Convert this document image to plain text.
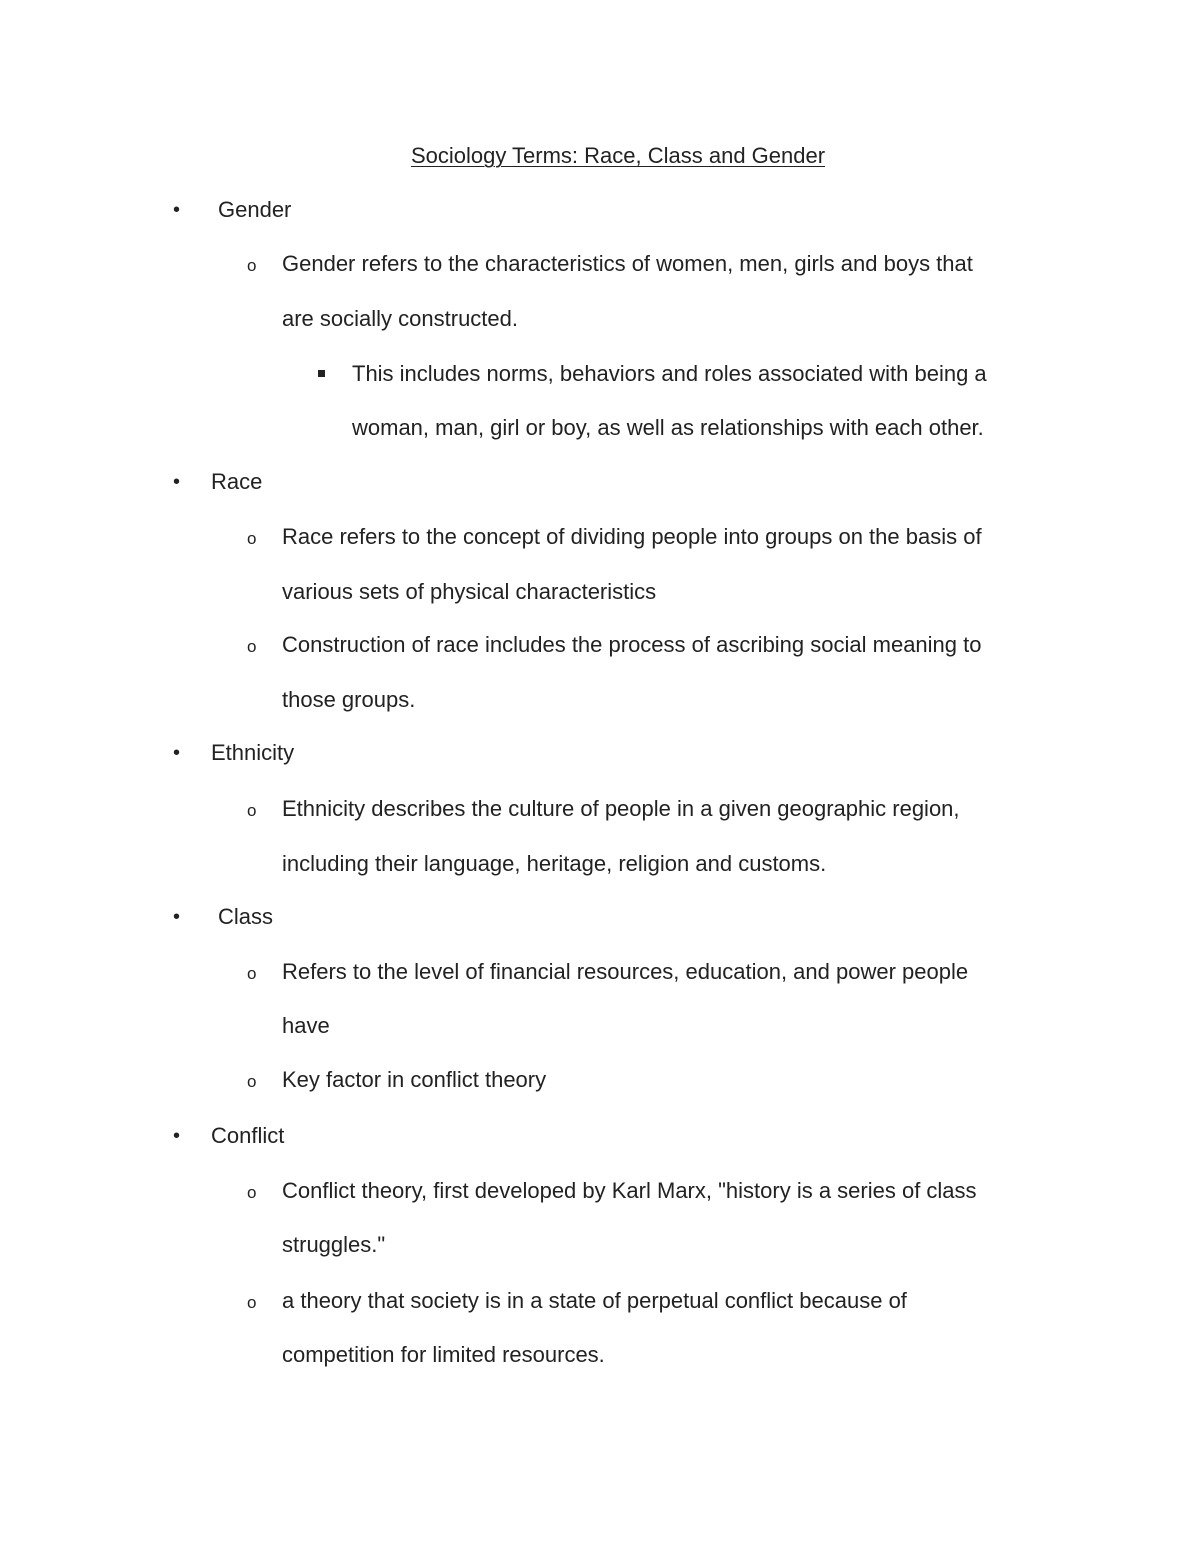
Sociology Terms: Race, Class and Gender
• Gender
o Gender refers to the characteristics of women, men, girls and boys that
are socially constructed.
This includes norms, behaviors and roles associated with being a
woman, man, girl or boy, as well as relationships with each other.
• Race
o Race refers to the concept of dividing people into groups on the basis of
various sets of physical characteristics
o Construction of race includes the process of ascribing social meaning to
those groups.
• Ethnicity
o Ethnicity describes the culture of people in a given geographic region,
including their language, heritage, religion and customs.
• Class
o Refers to the level of financial resources, education, and power people
have
o Key factor in conflict theory
• Conflict
o Conflict theory, first developed by Karl Marx, "history is a series of class
struggles."
o a theory that society is in a state of perpetual conflict because of
competition for limited resources.
